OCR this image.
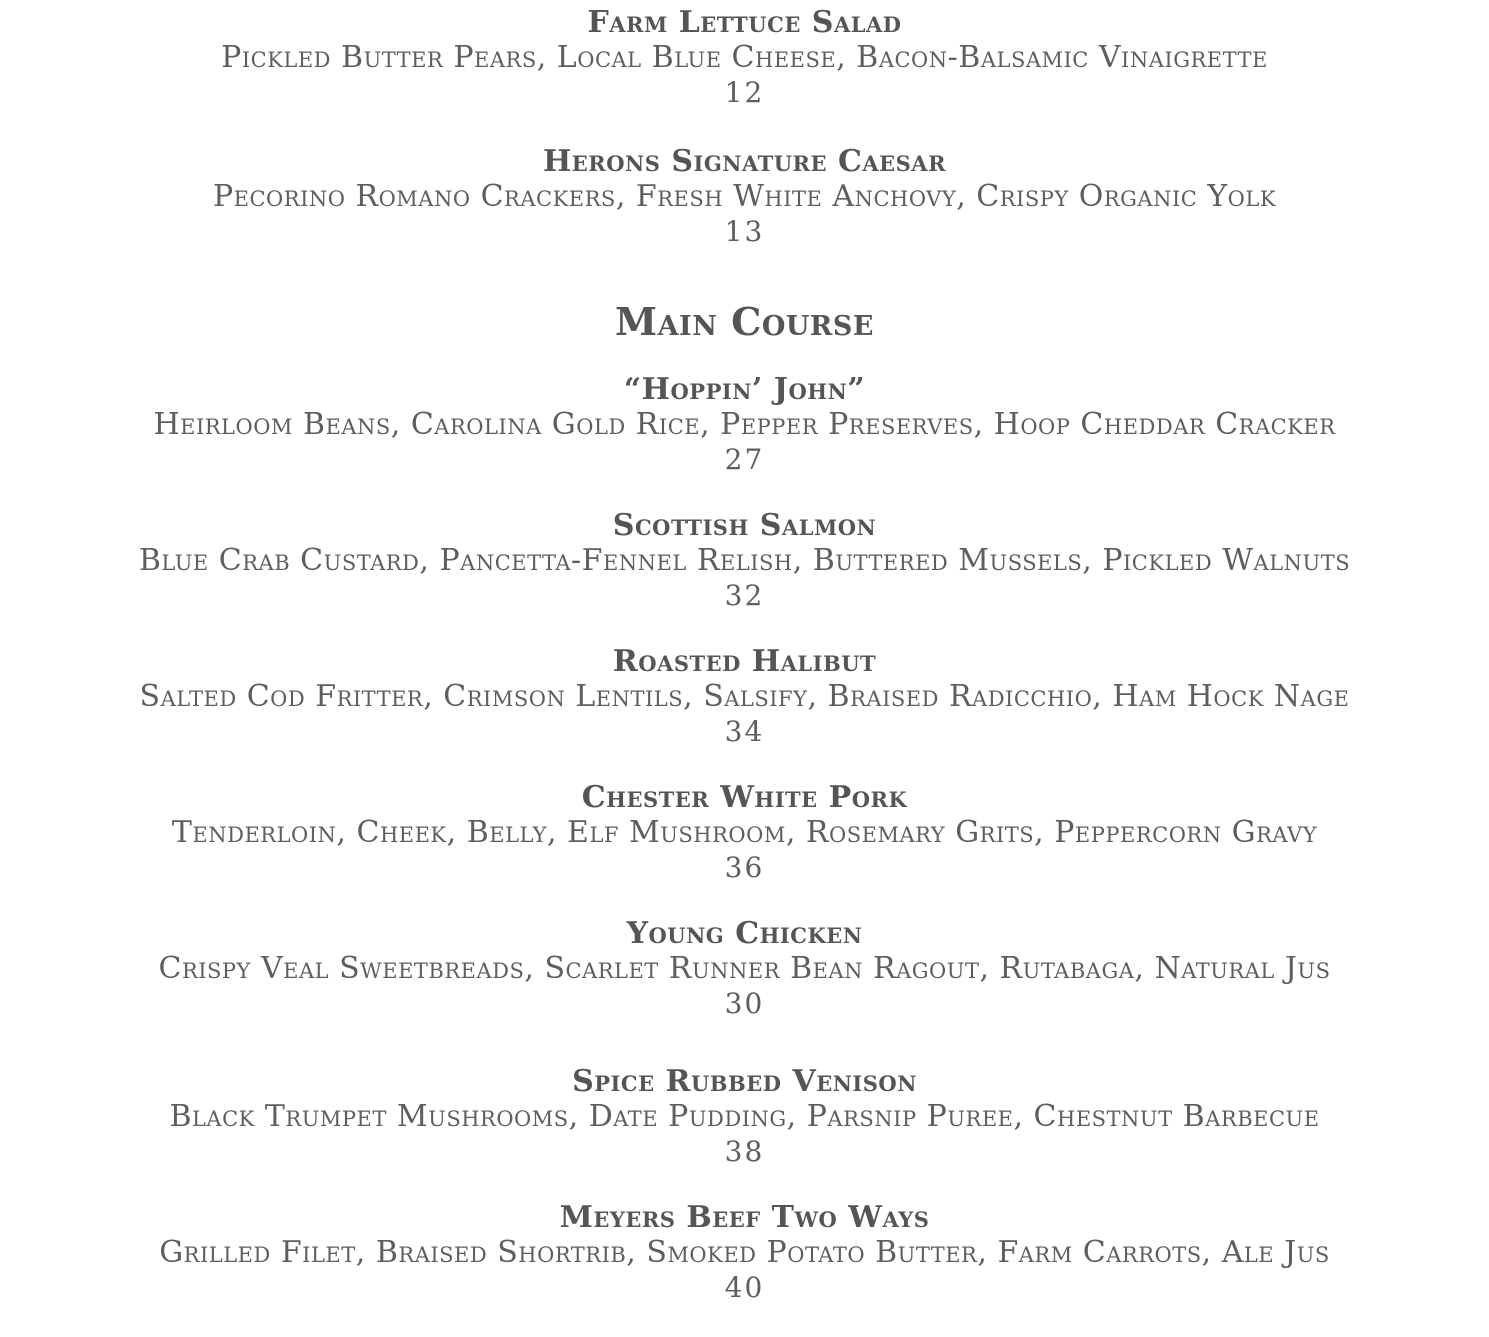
Farm Lettuce Salad
Pickled Butter Pears, Local Blue Cheese, Bacon-Balsamic Vinaigrette
12
Herons Signature Caesar
Pecorino Romano Crackers, Fresh White Anchovy, Crispy Organic Yolk
13
Main Course
“Hoppin’ John”
Heirloom Beans, Carolina Gold Rice, Pepper Preserves, Hoop Cheddar Cracker
27
Scottish Salmon
Blue Crab Custard, Pancetta-Fennel Relish, Buttered Mussels, Pickled Walnuts
32
Roasted Halibut
Salted Cod Fritter, Crimson Lentils, Salsify, Braised Radicchio, Ham Hock Nage
34
Chester White Pork
Tenderloin, Cheek, Belly, Elf Mushroom, Rosemary Grits, Peppercorn Gravy
36
Young Chicken
Crispy Veal Sweetbreads, Scarlet Runner Bean Ragout, Rutabaga, Natural Jus
30
Spice Rubbed Venison
Black Trumpet Mushrooms, Date Pudding, Parsnip Puree, Chestnut Barbecue
38
Meyers Beef Two Ways
Grilled Filet, Braised Shortrib, Smoked Potato Butter, Farm Carrots, Ale Jus
40
